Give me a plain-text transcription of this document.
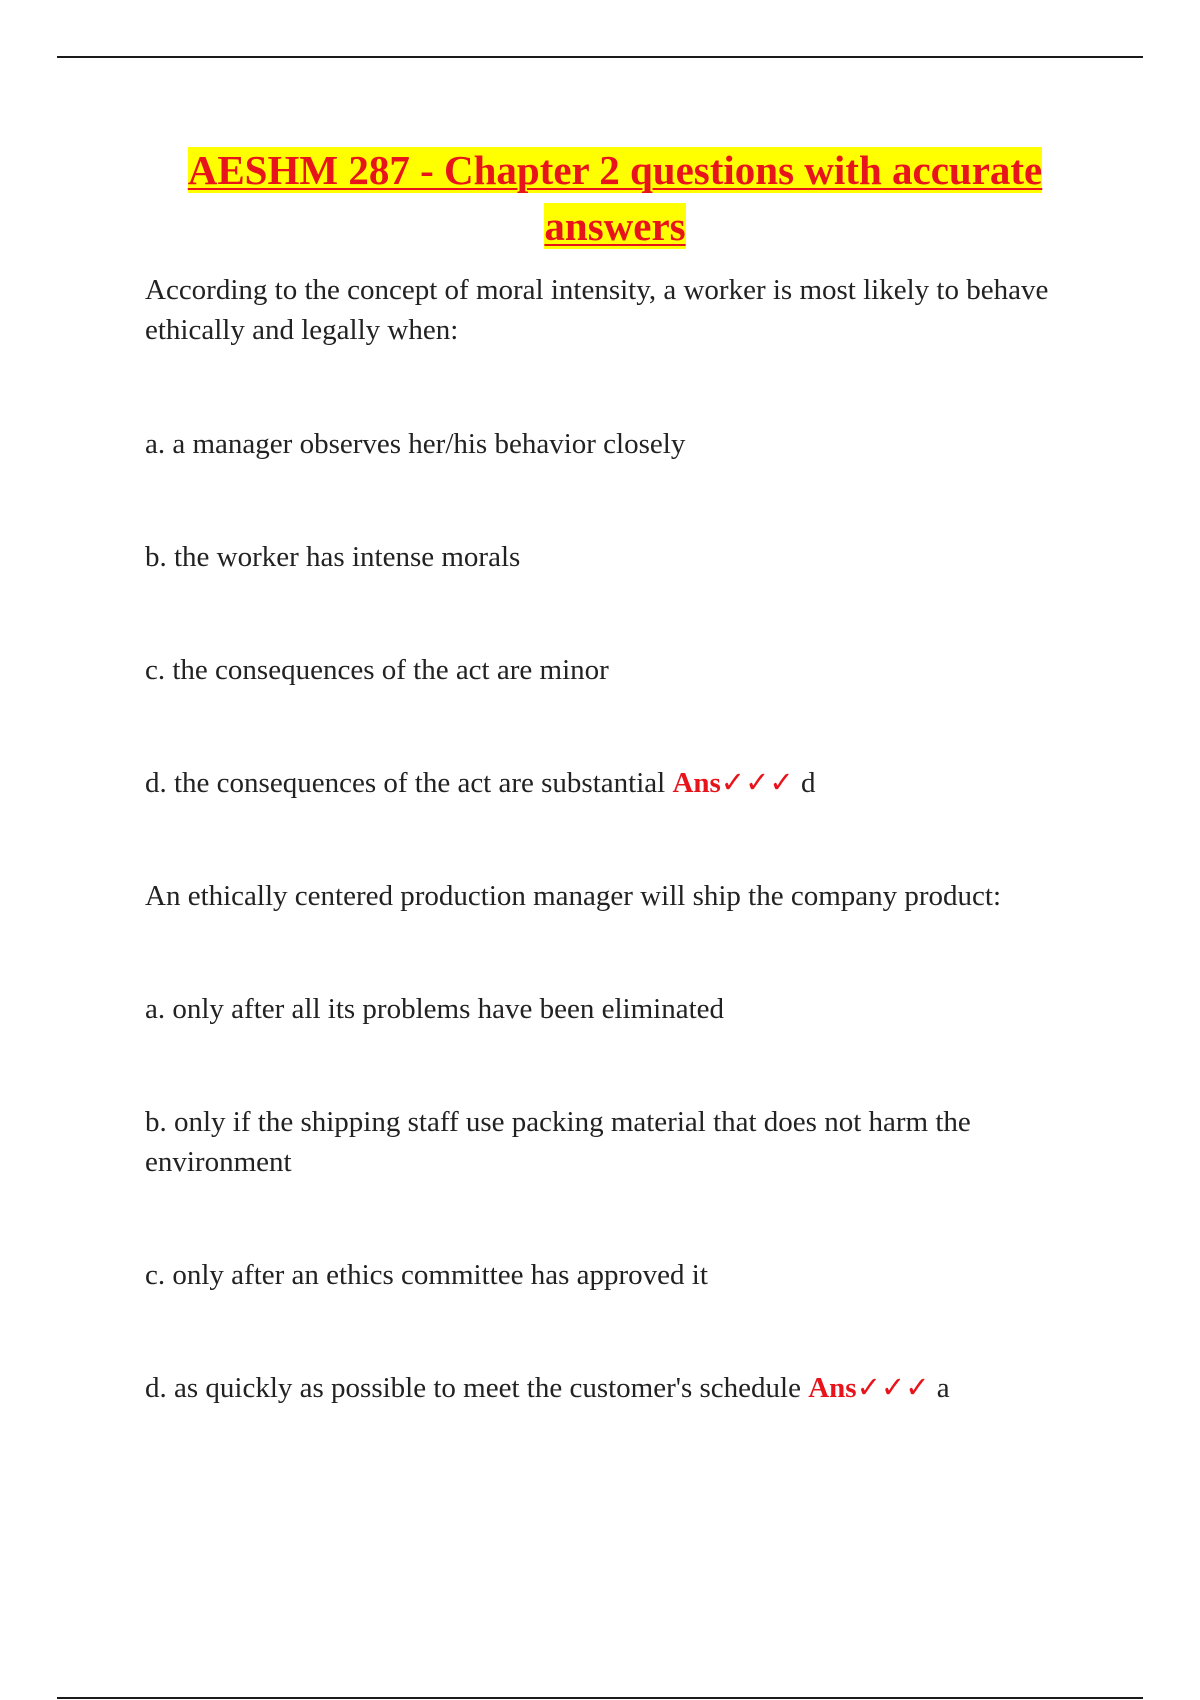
AESHM 287 - Chapter 2 questions with accurate answers

According to the concept of moral intensity, a worker is most likely to behave ethically and legally when:

a. a manager observes her/his behavior closely

b. the worker has intense morals

c. the consequences of the act are minor

d. the consequences of the act are substantial Ans✓✓✓ d

An ethically centered production manager will ship the company product:

a. only after all its problems have been eliminated

b. only if the shipping staff use packing material that does not harm the environment

c. only after an ethics committee has approved it

d. as quickly as possible to meet the customer's schedule Ans✓✓✓ a
